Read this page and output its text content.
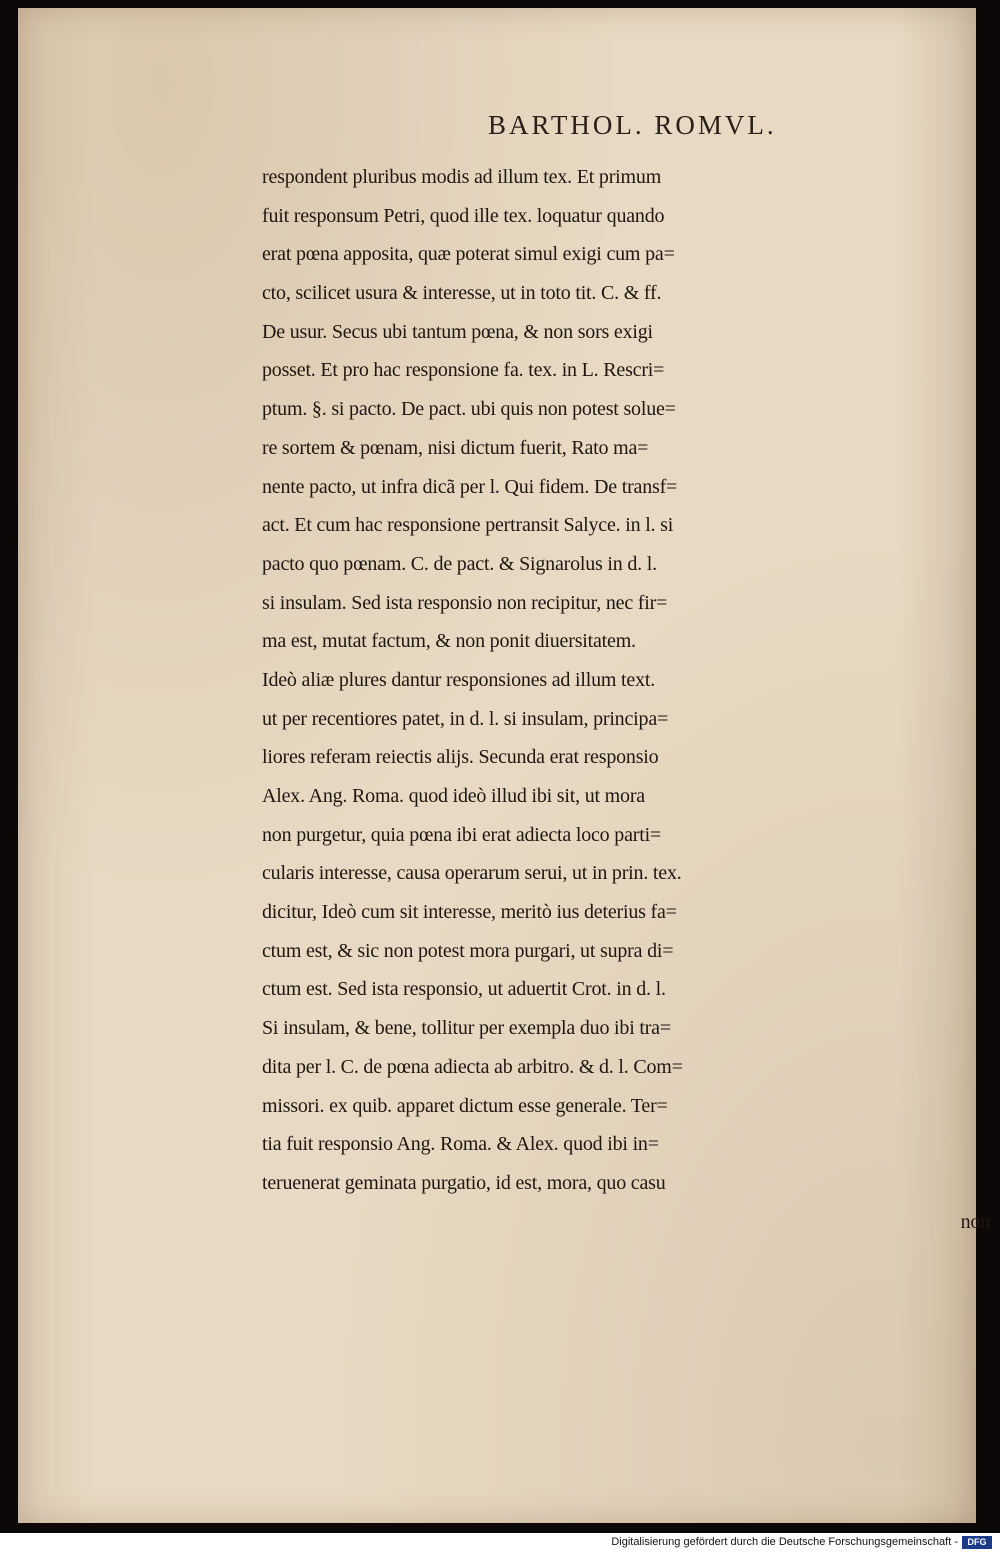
BARTHOL. ROMVL.
respondent pluribus modis ad illum tex. Et primum
fuit responsum Petri, quod ille tex. loquatur quando
erat pœna apposita, quæ poterat simul exigi cum pa=
cto, scilicet usura & interesse, ut in toto tit. C. & ff.
De usur. Secus ubi tantum pœna, & non sors exigi
posset. Et pro hac responsione fa. tex. in L. Rescri=
ptum. §. si pacto. De pact. ubi quis non potest solue=
re sortem & pœnam, nisi dictum fuerit, Rato ma=
nente pacto, ut infra dicã per l. Qui fidem. De transf=
act. Et cum hac responsione pertransit Salyce. in l. si
pacto quo pœnam. C. de pact. & Signarolus in d. l.
si insulam. Sed ista responsio non recipitur, nec fir=
ma est, mutat factum, & non ponit diuersitatem.
Ideò aliæ plures dantur responsiones ad illum text.
ut per recentiores patet, in d. l. si insulam, principa=
liores referam reiectis alijs. Secunda erat responsio
Alex. Ang. Roma. quod ideò illud ibi sit, ut mora
non purgetur, quia pœna ibi erat adiecta loco parti=
cularis interesse, causa operarum serui, ut in prin. tex.
dicitur, Ideò cum sit interesse, meritò ius deterius fa=
ctum est, & sic non potest mora purgari, ut supra di=
ctum est. Sed ista responsio, ut aduertit Crot. in d. l.
Si insulam, & bene, tollitur per exempla duo ibi tra=
dita per l. C. de pœna adiecta ab arbitro. & d. l. Com=
missori. ex quib. apparet dictum esse generale. Ter=
tia fuit responsio Ang. Roma. & Alex. quod ibi in=
teruenerat geminata purgatio, id est, mora, quo casu
non
Digitalisierung gefördert durch die Deutsche Forschungsgemeinschaft -	DFG
